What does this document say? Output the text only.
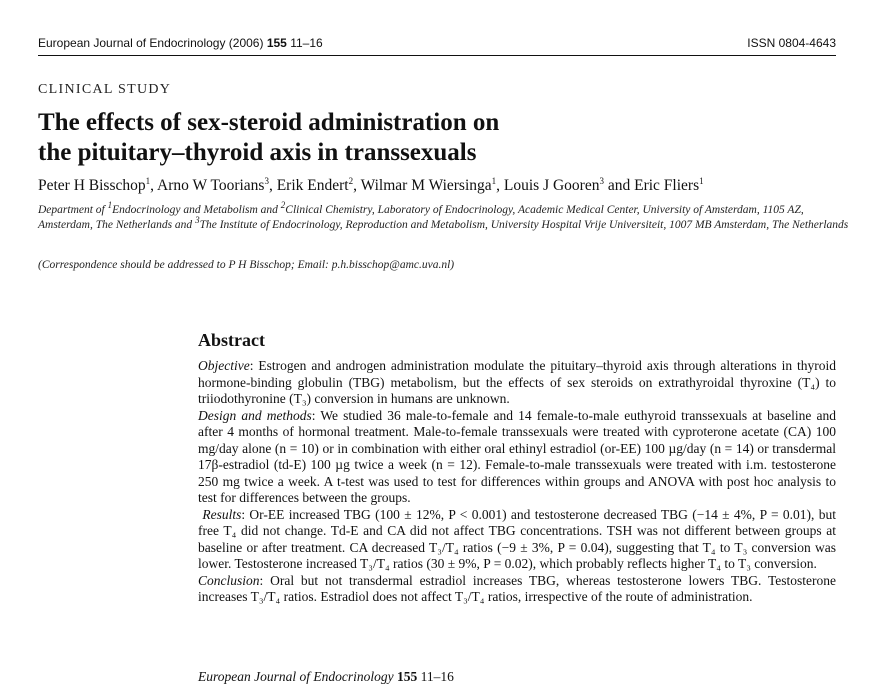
European Journal of Endocrinology (2006) 155 11–16	ISSN 0804-4643
CLINICAL STUDY
The effects of sex-steroid administration on
the pituitary–thyroid axis in transsexuals
Peter H Bisschop$^1$, Arno W Toorians$^3$, Erik Endert$^2$, Wilmar M Wiersinga$^1$, Louis J Gooren$^3$ and Eric Fliers$^1$
Department of $^1$Endocrinology and Metabolism and $^2$Clinical Chemistry, Laboratory of Endocrinology, Academic Medical Center, University of Amsterdam, 1105 AZ, Amsterdam, The Netherlands and $^3$The Institute of Endocrinology, Reproduction and Metabolism, University Hospital Vrije Universiteit, 1007 MB Amsterdam, The Netherlands
(Correspondence should be addressed to P H Bisschop; Email: p.h.bisschop@amc.uva.nl)
Abstract

Objective: Estrogen and androgen administration modulate the pituitary–thyroid axis through alterations in thyroid hormone-binding globulin (TBG) metabolism, but the effects of sex steroids on extrathyroidal thyroxine (T₄) to triiodothyronine (T₃) conversion in humans are unknown.

Design and methods: We studied 36 male-to-female and 14 female-to-male euthyroid transsexuals at baseline and after 4 months of hormonal treatment. Male-to-female transsexuals were treated with cyproterone acetate (CA) 100 mg/day alone (n = 10) or in combination with either oral ethinyl estradiol (or-EE) 100 µg/day (n = 14) or transdermal 17β-estradiol (td-E) 100 µg twice a week (n = 12). Female-to-male transsexuals were treated with i.m. testosterone 250 mg twice a week. A t-test was used to test for differences within groups and ANOVA with post hoc analysis to test for differences between the groups.

Results: Or-EE increased TBG (100 ± 12%, P < 0.001) and testosterone decreased TBG (−14 ± 4%, P = 0.01), but free T₄ did not change. Td-E and CA did not affect TBG concentrations. TSH was not different between groups at baseline or after treatment. CA decreased T₃/T₄ ratios (−9 ± 3%, P = 0.04), suggesting that T₄ to T₃ conversion was lower. Testosterone increased T₃/T₄ ratios (30 ± 9%, P = 0.02), which probably reflects higher T₄ to T₃ conversion.

Conclusion: Oral but not transdermal estradiol increases TBG, whereas testosterone lowers TBG. Testosterone increases T₃/T₄ ratios. Estradiol does not affect T₃/T₄ ratios, irrespective of the route of administration.

European Journal of Endocrinology 155 11–16
